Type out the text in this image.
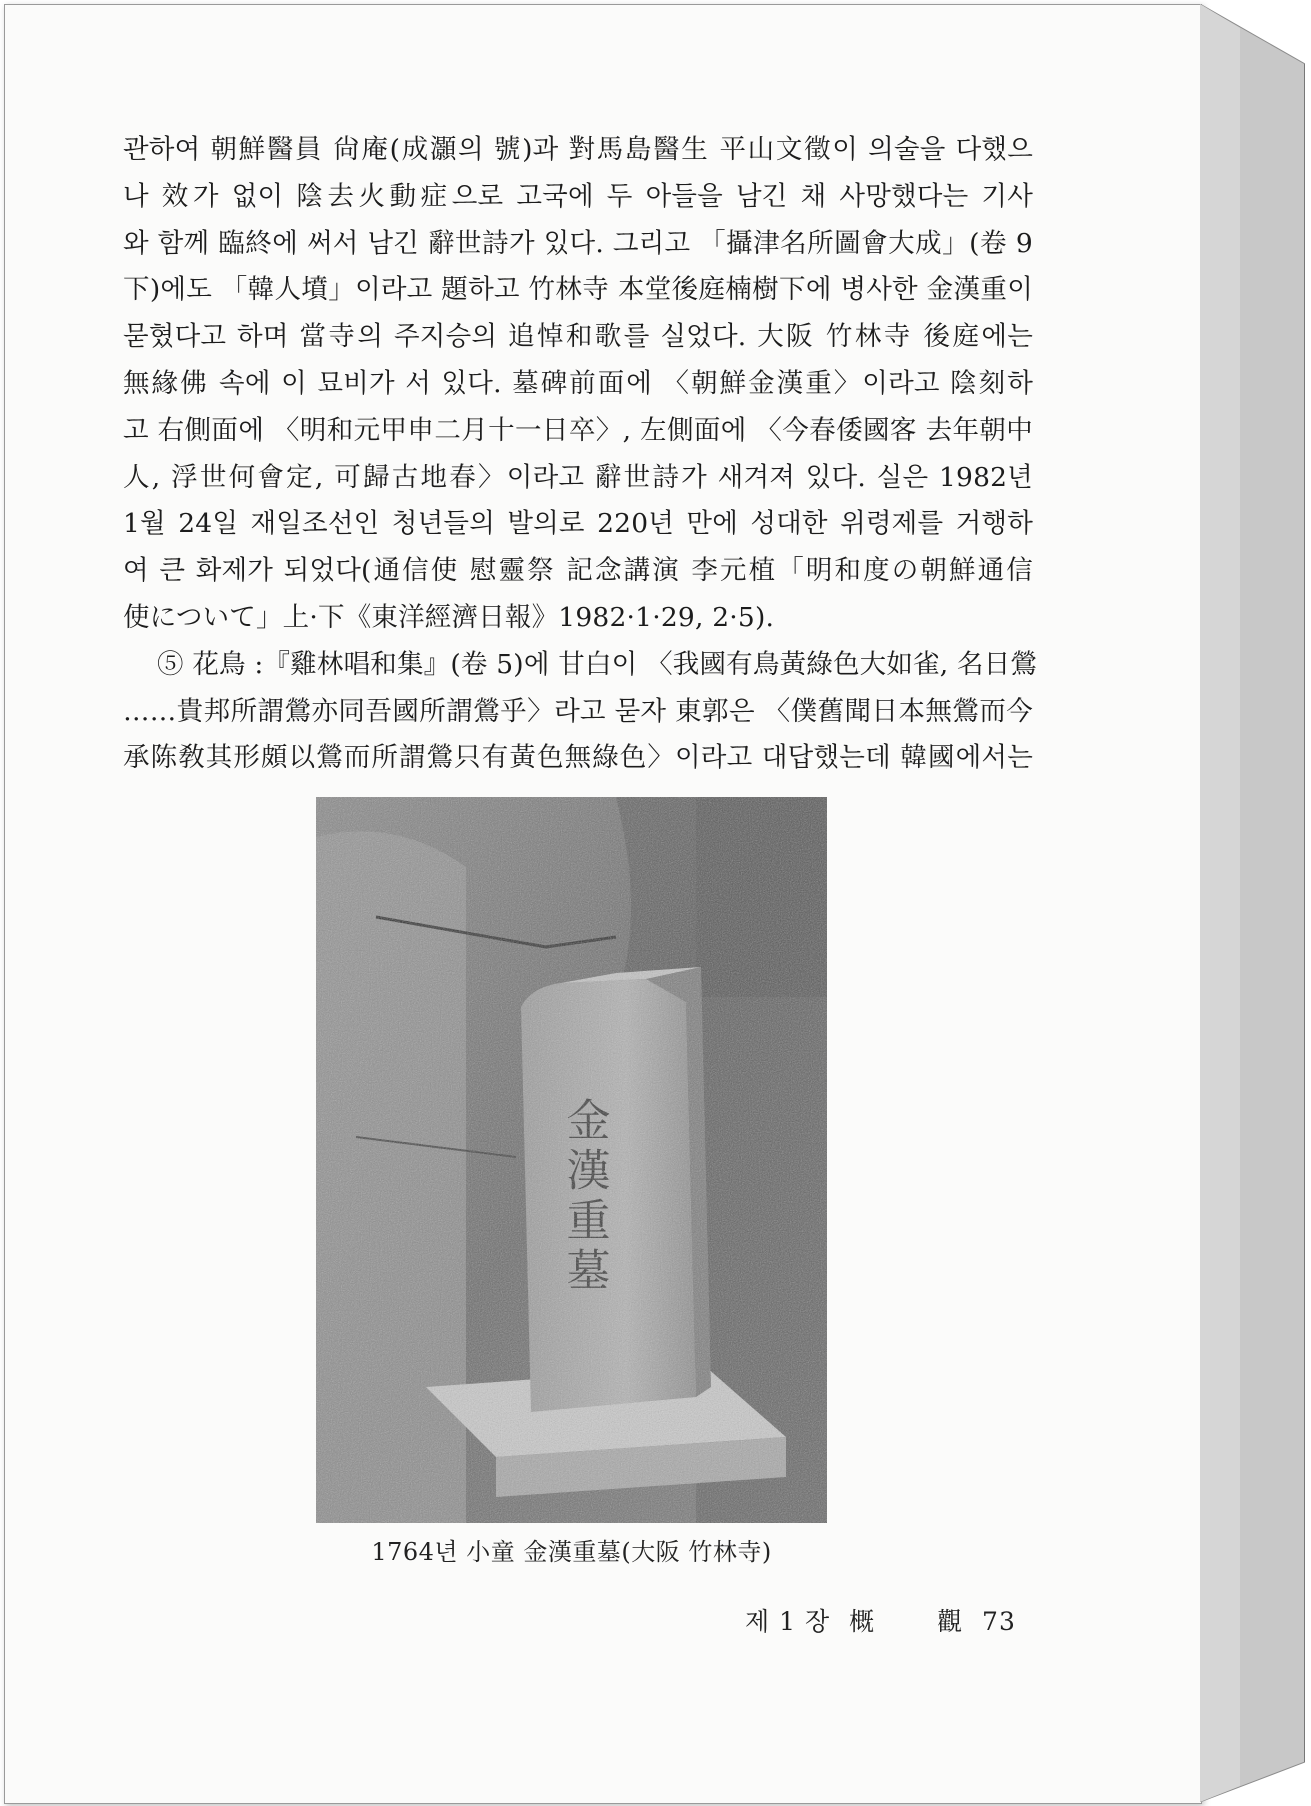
관하여 朝鮮醫員 尙庵(成灝의 號)과 對馬島醫生 平山文徵이 의술을 다했으
나 效가 없이 陰去火動症으로 고국에 두 아들을 남긴 채 사망했다는 기사
와 함께 臨終에 써서 남긴 辭世詩가 있다. 그리고 「攝津名所圖會大成」(卷 9
下)에도 「韓人墳」이라고 題하고 竹林寺 本堂後庭楠樹下에 병사한 金漢重이
묻혔다고 하며 當寺의 주지승의 追悼和歌를 실었다. 大阪 竹林寺 後庭에는
無緣佛 속에 이 묘비가 서 있다. 墓碑前面에 〈朝鮮金漢重〉이라고 陰刻하
고 右側面에 〈明和元甲申二月十一日卒〉, 左側面에 〈今春倭國客 去年朝中
人, 浮世何會定, 可歸古地春〉이라고 辭世詩가 새겨져 있다. 실은 1982년
1월 24일 재일조선인 청년들의 발의로 220년 만에 성대한 위령제를 거행하
여 큰 화제가 되었다(通信使 慰靈祭 記念講演 李元植「明和度の朝鮮通信
使について」上·下《東洋經濟日報》1982·1·29, 2·5).

⑤ 花鳥 :『雞林唱和集』(卷 5)에 甘白이 〈我國有鳥黃綠色大如雀, 名日鶯
……貴邦所謂鶯亦同吾國所謂鶯乎〉라고 묻자 東郭은 〈僕舊聞日本無鶯而今
承陈敎其形頗以鶯而所謂鶯只有黃色無綠色〉이라고 대답했는데 韓國에서는

1764년 小童 金漢重墓(大阪 竹林寺)
제 1 장 概 觀 73
